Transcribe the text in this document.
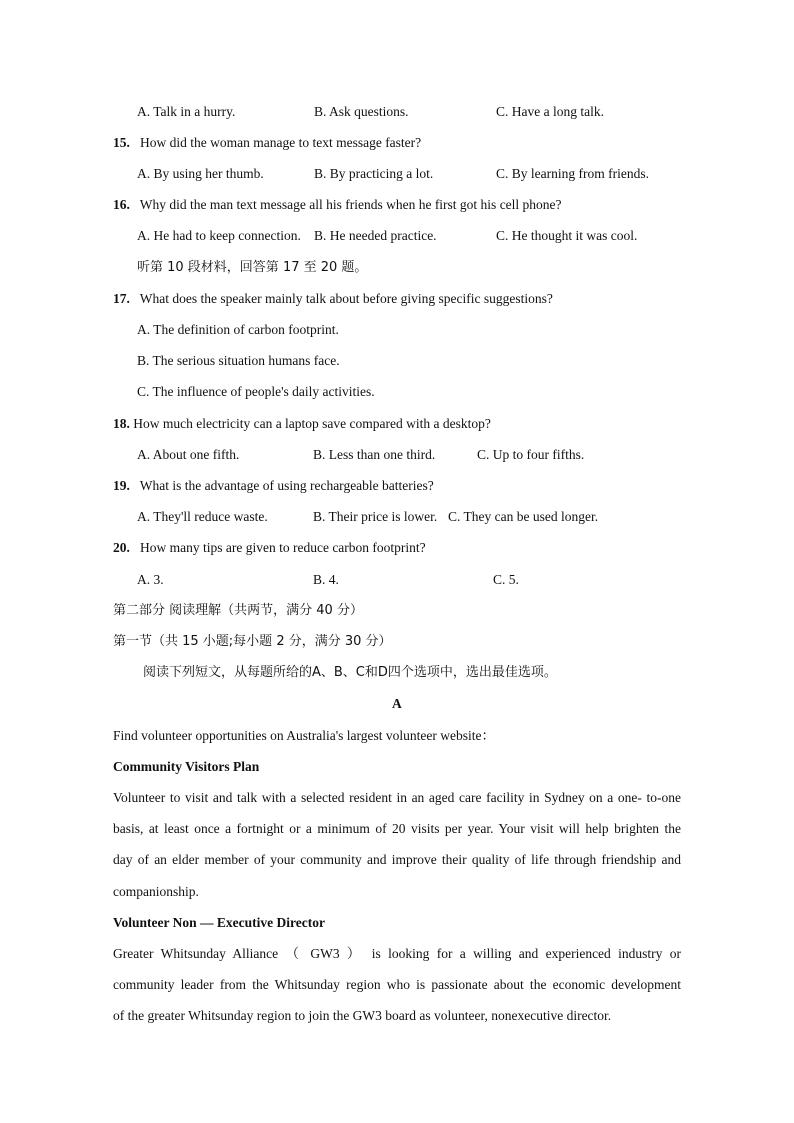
A. Talk in a hurry.	B. Ask questions.	C. Have a long talk.
15. How did the woman manage to text message faster?
A. By using her thumb.	B. By practicing a lot.	C. By learning from friends.
16. Why did the man text message all his friends when he first got his cell phone?
A. He had to keep connection. B. He needed practice.	C. He thought it was cool.
听第 10 段材料，回答第 17 至 20 题。
17. What does the speaker mainly talk about before giving specific suggestions?
A. The definition of carbon footprint.
B. The serious situation humans face.
C. The influence of people's daily activities.
18. How much electricity can a laptop save compared with a desktop?
A. About one fifth.	B. Less than one third.	C. Up to four fifths.
19. What is the advantage of using rechargeable batteries?
A. They'll reduce waste.	B. Their price is lower. C. They can be used longer.
20. How many tips are given to reduce carbon footprint?
A. 3.	B. 4.	C. 5.
第二部分 阅读理解（共两节，满分 40 分）
第一节（共 15 小题;每小题 2 分，满分 30 分）
阅读下列短文，从每题所给的A、B、C和D四个选项中，选出最佳选项。
A
Find volunteer opportunities on Australia's largest volunteer website：
Community Visitors Plan
Volunteer to visit and talk with a selected resident in an aged care facility in Sydney on a one- to-one
basis, at least once a fortnight or a minimum of 20 visits per year. Your visit will help brighten the
day of an elder member of your community and improve their quality of life through friendship and
companionship.
Volunteer Non — Executive Director
Greater Whitsunday Alliance （ GW3 ） is looking for a willing and experienced industry or
community leader from the Whitsunday region who is passionate about the economic development
of the greater Whitsunday region to join the GW3 board as volunteer, nonexecutive director.
